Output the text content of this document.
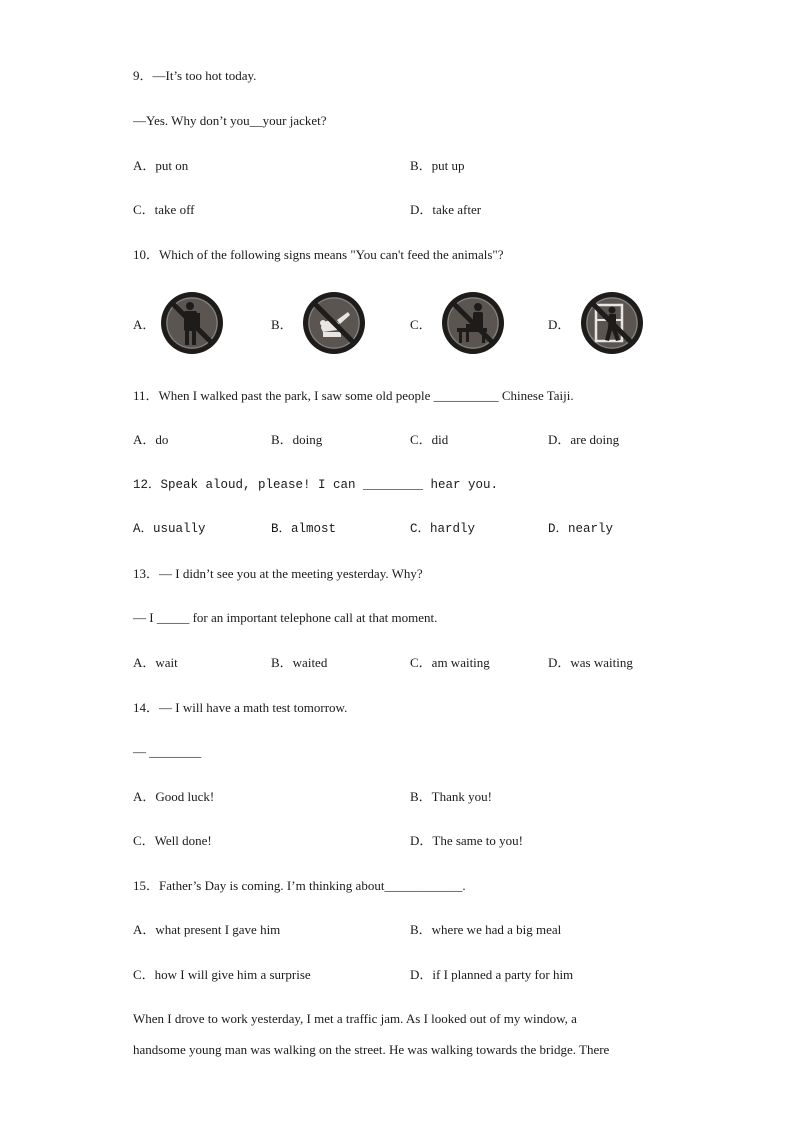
9．—It’s too hot today.
—Yes. Why don’t you__your jacket?
A．put on	B．put up
C．take off	D．take after
10．Which of the following signs means "You can't feed the animals"?
A．	B．	C．	D．
11．When I walked past the park, I saw some old people __________ Chinese Taiji.
A．do	B．doing	C．did	D．are doing
12．Speak aloud, please! I can ________ hear you.
A．usually	B．almost	C．hardly	D．nearly
13．— I didn’t see you at the meeting yesterday. Why?
— I _____ for an important telephone call at that moment.
A．wait	B．waited	C．am waiting	D．was waiting
14．— I will have a math test tomorrow.
— ________
A．Good luck!	B．Thank you!
C．Well done!	D．The same to you!
15．Father’s Day is coming. I’m thinking about____________.
A．what present I gave him	B．where we had a big meal
C．how I will give him a surprise	D．if I planned a party for him
When I drove to work yesterday, I met a traffic jam. As I looked out of my window, a
handsome young man was walking on the street. He was walking towards the bridge. There
